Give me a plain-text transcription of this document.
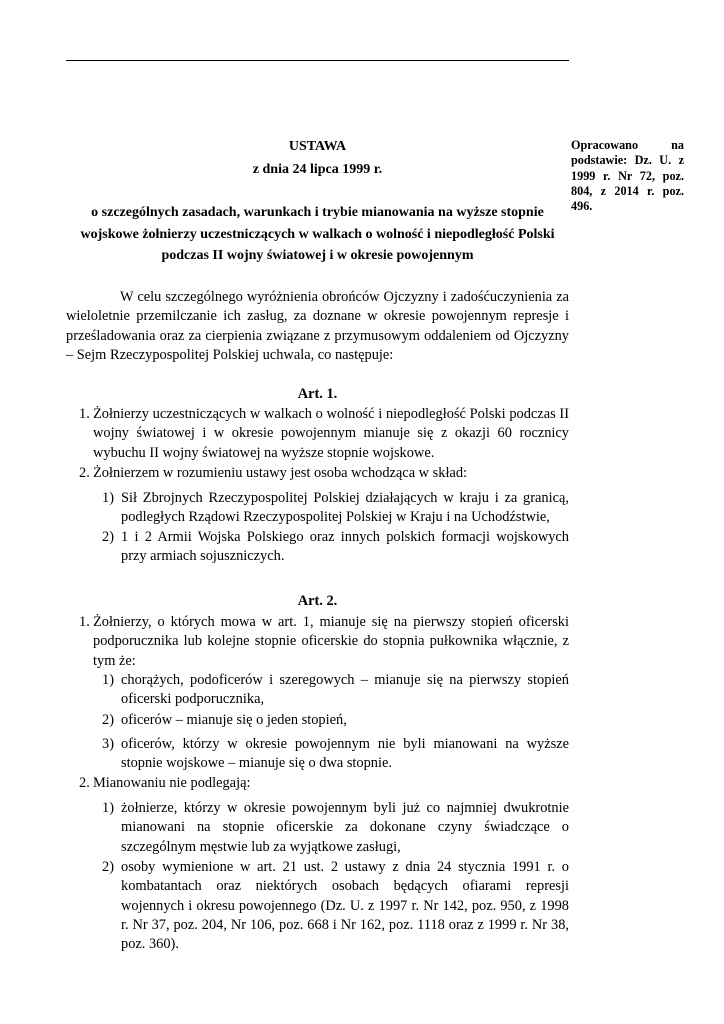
Opracowano na podstawie: Dz. U. z 1999 r. Nr 72, poz. 804, z 2014 r. poz. 496.
USTAWA
z dnia 24 lipca 1999 r.
o szczególnych zasadach, warunkach i trybie mianowania na wyższe stopnie wojskowe żołnierzy uczestniczących w walkach o wolność i niepodległość Polski podczas II wojny światowej i w okresie powojennym
W celu szczególnego wyróżnienia obrońców Ojczyzny i zadośćuczynienia za wieloletnie przemilczanie ich zasług, za doznane w okresie powojennym represje i prześladowania oraz za cierpienia związane z przymusowym oddaleniem od Ojczyzny – Sejm Rzeczypospolitej Polskiej uchwala, co następuje:
Art. 1.
1. Żołnierzy uczestniczących w walkach o wolność i niepodległość Polski podczas II wojny światowej i w okresie powojennym mianuje się z okazji 60 rocznicy wybuchu II wojny światowej na wyższe stopnie wojskowe.
2. Żołnierzem w rozumieniu ustawy jest osoba wchodząca w skład:
1) Sił Zbrojnych Rzeczypospolitej Polskiej działających w kraju i za granicą, podległych Rządowi Rzeczypospolitej Polskiej w Kraju i na Uchodźstwie,
2) 1 i 2 Armii Wojska Polskiego oraz innych polskich formacji wojskowych przy armiach sojuszniczych.
Art. 2.
1. Żołnierzy, o których mowa w art. 1, mianuje się na pierwszy stopień oficerski podporucznika lub kolejne stopnie oficerskie do stopnia pułkownika włącznie, z tym że:
1) chorążych, podoficerów i szeregowych – mianuje się na pierwszy stopień oficerski podporucznika,
2) oficerów – mianuje się o jeden stopień,
3) oficerów, którzy w okresie powojennym nie byli mianowani na wyższe stopnie wojskowe – mianuje się o dwa stopnie.
2. Mianowaniu nie podlegają:
1) żołnierze, którzy w okresie powojennym byli już co najmniej dwukrotnie mianowani na stopnie oficerskie za dokonane czyny świadczące o szczególnym męstwie lub za wyjątkowe zasługi,
2) osoby wymienione w art. 21 ust. 2 ustawy z dnia 24 stycznia 1991 r. o kombatantach oraz niektórych osobach będących ofiarami represji wojennych i okresu powojennego (Dz. U. z 1997 r. Nr 142, poz. 950, z 1998 r. Nr 37, poz. 204, Nr 106, poz. 668 i Nr 162, poz. 1118 oraz z 1999 r. Nr 38, poz. 360).
